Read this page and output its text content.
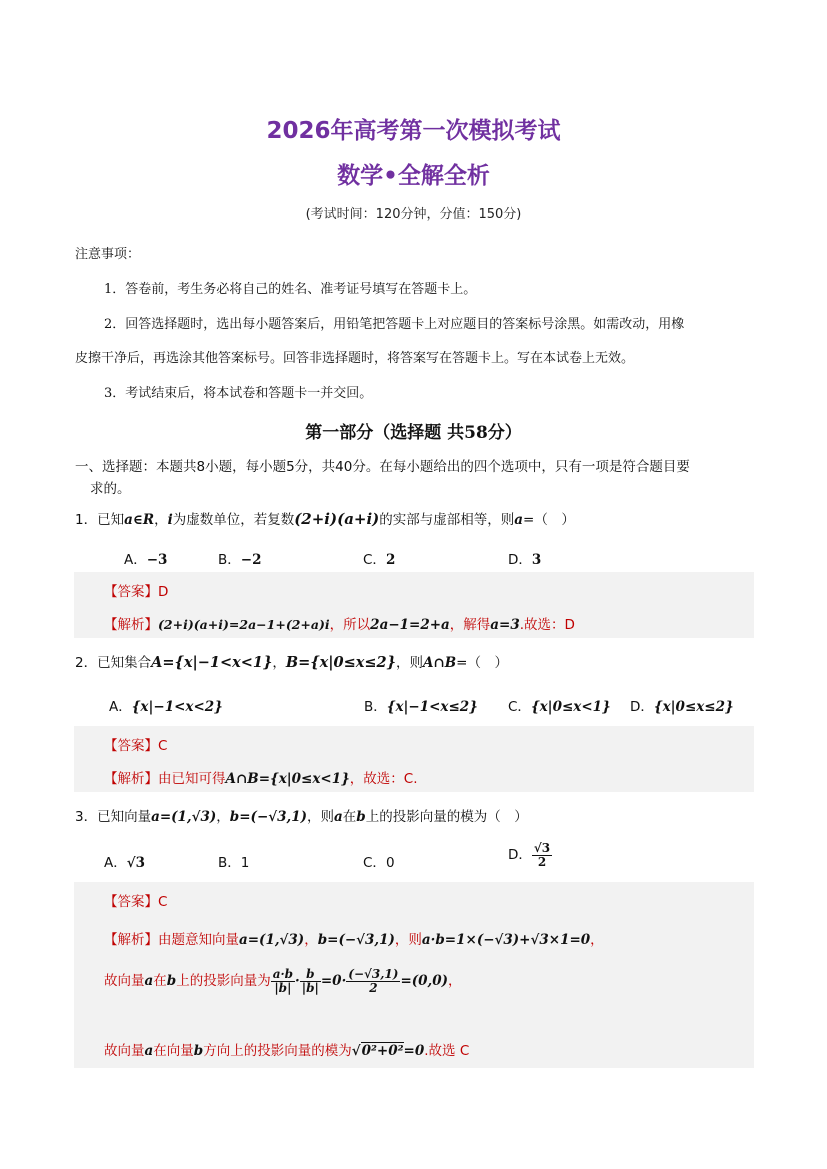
2026年高考第一次模拟考试
数学•全解全析
(考试时间：120分钟，分值：150分)
注意事项：
1．答卷前，考生务必将自己的姓名、准考证号填写在答题卡上。
2．回答选择题时，选出每小题答案后，用铅笔把答题卡上对应题目的答案标号涂黑。如需改动，用橡
皮擦干净后，再选涂其他答案标号。回答非选择题时，将答案写在答题卡上。写在本试卷上无效。
3．考试结束后，将本试卷和答题卡一并交回。
第一部分（选择题 共58分）
一、选择题：本题共8小题，每小题5分，共40分。在每小题给出的四个选项中，只有一项是符合题目要
求的。
1．已知a∈R，i为虚数单位，若复数(2+i)(a+i)的实部与虚部相等，则a=（　）
A．−3	B．−2	C．2	D．3
【答案】D
【解析】(2+i)(a+i)=2a−1+(2+a)i，所以2a−1=2+a，解得a=3.故选：D
2．已知集合A={x|−1<x<1}，B={x|0≤x≤2}，则A∩B=（　）
A．{x|−1<x<2}	B．{x|−1<x≤2} C．{x|0≤x<1} D．{x|0≤x≤2}
【答案】C
【解析】由已知可得A∩B={x|0≤x<1}，故选：C.
3．已知向量a=(1,√3)，b=(−√3,1)，则a在b上的投影向量的模为（　）
A．√3	B．1	C．0	D． $\frac{√3}{2}$
【答案】C
【解析】由题意知向量a=(1,√3)，b=(−√3,1)，则a·b=1×(−√3)+√3×1=0，
故向量a在b上的投影向量为 $\frac{a\cdot b}{|b|} \cdot \frac{b}{|b|} =0\cdot \frac{(-√3,1)}{2} =(0,0)$，
故向量a在向量b方向上的投影向量的模为√0²+0²=0.故选 C
